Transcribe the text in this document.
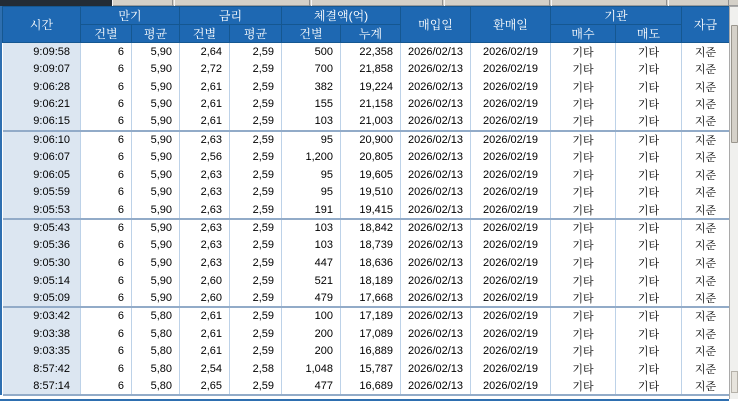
시간	만기		금리		체결액(억)		매입일	환매일	기관		자금
	건별	평균	건별	평균	건별	누계			매수	매도	
9:09:58	6	5,90	2,64	2,59	500	22,358	2026/02/13	2026/02/19	기타	기타	지준
9:09:07	6	5,90	2,72	2,59	700	21,858	2026/02/13	2026/02/19	기타	기타	지준
9:06:28	6	5,90	2,61	2,59	382	19,224	2026/02/13	2026/02/19	기타	기타	지준
9:06:21	6	5,90	2,61	2,59	155	21,158	2026/02/13	2026/02/19	기타	기타	지준
9:06:15	6	5,90	2,61	2,59	103	21,003	2026/02/13	2026/02/19	기타	기타	지준
9:06:10	6	5,90	2,63	2,59	95	20,900	2026/02/13	2026/02/19	기타	기타	지준
9:06:07	6	5,90	2,56	2,59	1,200	20,805	2026/02/13	2026/02/19	기타	기타	지준
9:06:05	6	5,90	2,63	2,59	95	19,605	2026/02/13	2026/02/19	기타	기타	지준
9:05:59	6	5,90	2,63	2,59	95	19,510	2026/02/13	2026/02/19	기타	기타	지준
9:05:53	6	5,90	2,63	2,59	191	19,415	2026/02/13	2026/02/19	기타	기타	지준
9:05:43	6	5,90	2,63	2,59	103	18,842	2026/02/13	2026/02/19	기타	기타	지준
9:05:36	6	5,90	2,63	2,59	103	18,739	2026/02/13	2026/02/19	기타	기타	지준
9:05:30	6	5,90	2,63	2,59	447	18,636	2026/02/13	2026/02/19	기타	기타	지준
9:05:14	6	5,90	2,60	2,59	521	18,189	2026/02/13	2026/02/19	기타	기타	지준
9:05:09	6	5,90	2,60	2,59	479	17,668	2026/02/13	2026/02/19	기타	기타	지준
9:03:42	6	5,80	2,61	2,59	100	17,189	2026/02/13	2026/02/19	기타	기타	지준
9:03:38	6	5,80	2,61	2,59	200	17,089	2026/02/13	2026/02/19	기타	기타	지준
9:03:35	6	5,80	2,61	2,59	200	16,889	2026/02/13	2026/02/19	기타	기타	지준
8:57:42	6	5,80	2,54	2,58	1,048	15,787	2026/02/13	2026/02/19	기타	기타	지준
8:57:14	6	5,80	2,65	2,59	477	16,689	2026/02/13	2026/02/19	기타	기타	지준
